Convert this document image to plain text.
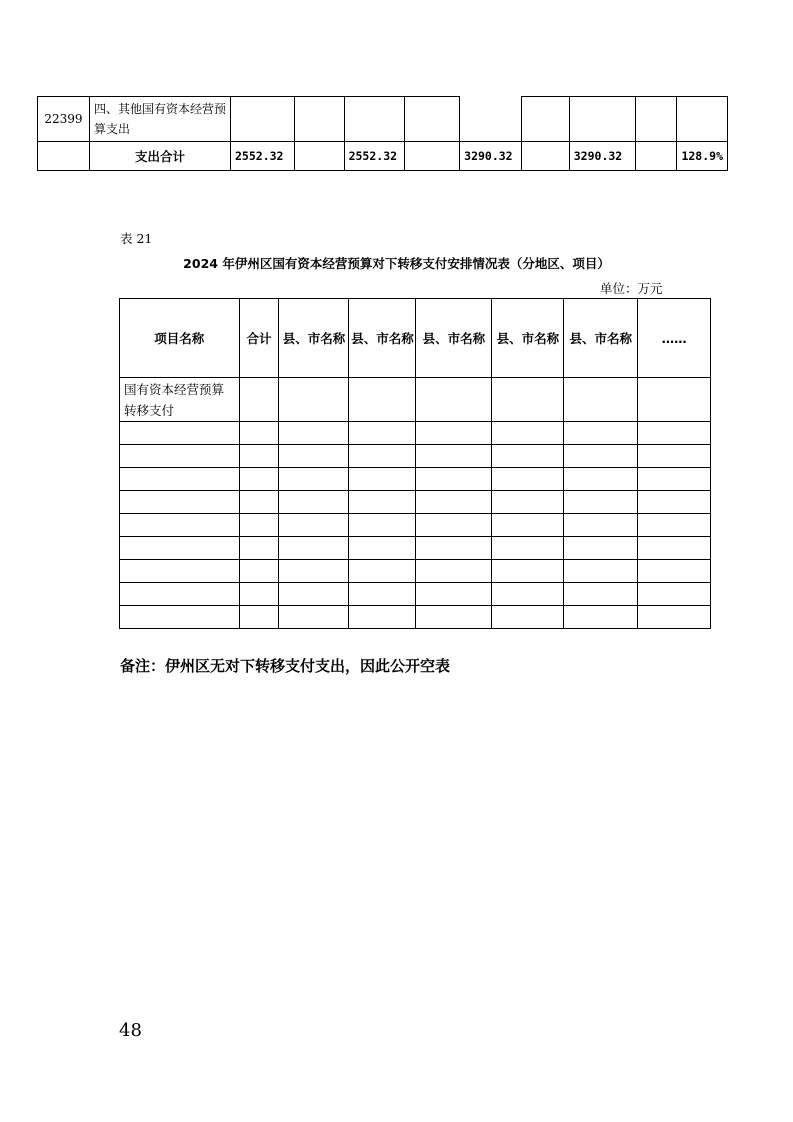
22399	四、其他国有资本经营预算支出									
	支出合计	2552.32		2552.32		3290.32		3290.32		128.9%
表 21
2024 年伊州区国有资本经营预算对下转移支付安排情况表（分地区、项目）
单位：万元
项目名称	合计	县、市名称	县、市名称	县、市名称	县、市名称	县、市名称	……
国有资本经营预算转移支付							

备注：伊州区无对下转移支付支出，因此公开空表
48
